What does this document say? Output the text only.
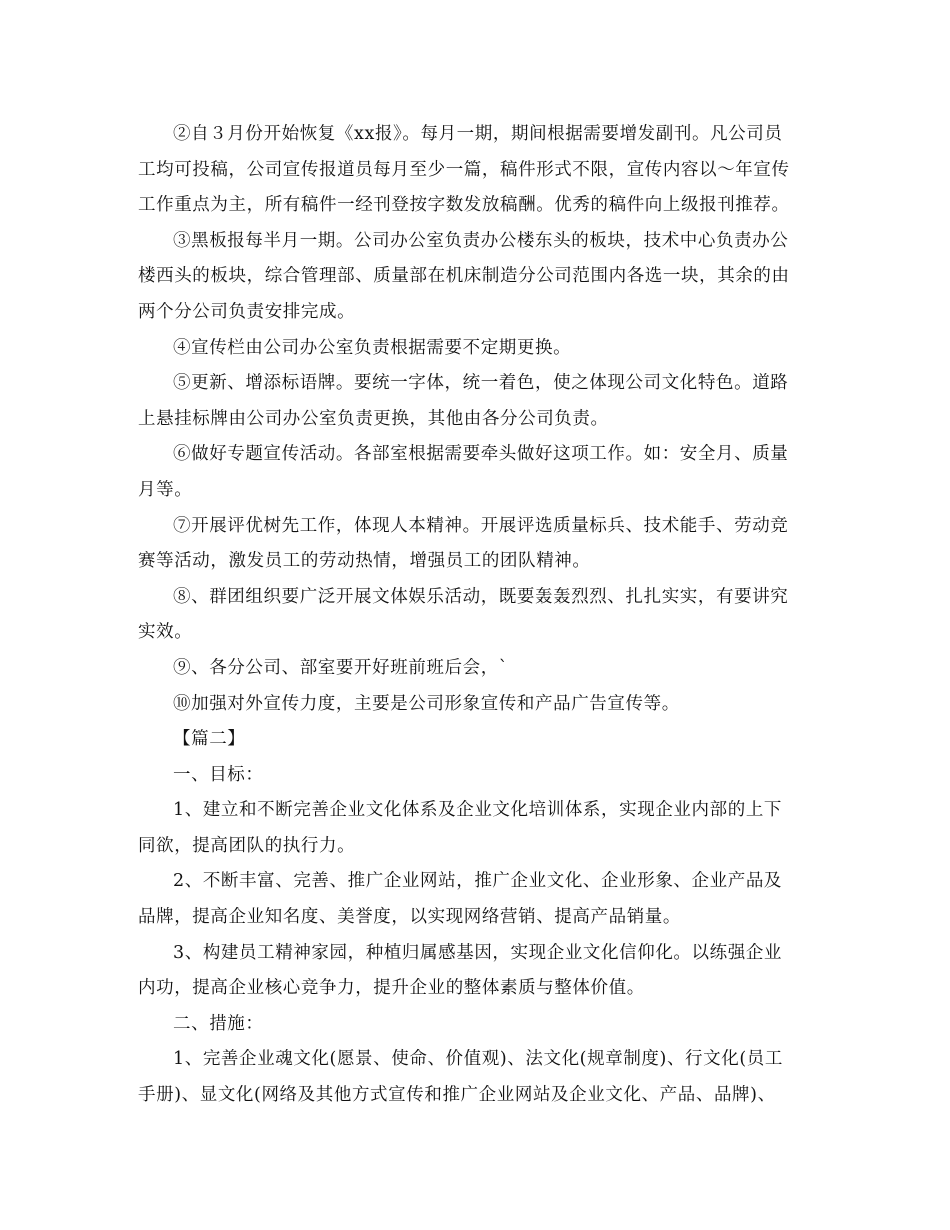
②自３月份开始恢复《xx报》。每月一期，期间根据需要增发副刊。凡公司员
工均可投稿，公司宣传报道员每月至少一篇，稿件形式不限，宣传内容以～年宣传
工作重点为主，所有稿件一经刊登按字数发放稿酬。优秀的稿件向上级报刊推荐。
③黑板报每半月一期。公司办公室负责办公楼东头的板块，技术中心负责办公
楼西头的板块，综合管理部、质量部在机床制造分公司范围内各选一块，其余的由
两个分公司负责安排完成。
④宣传栏由公司办公室负责根据需要不定期更换。
⑤更新、增添标语牌。要统一字体，统一着色，使之体现公司文化特色。道路
上悬挂标牌由公司办公室负责更换，其他由各分公司负责。
⑥做好专题宣传活动。各部室根据需要牵头做好这项工作。如：安全月、质量
月等。
⑦开展评优树先工作，体现人本精神。开展评选质量标兵、技术能手、劳动竞
赛等活动，激发员工的劳动热情，增强员工的团队精神。
⑧、群团组织要广泛开展文体娱乐活动，既要轰轰烈烈、扎扎实实，有要讲究
实效。
⑨、各分公司、部室要开好班前班后会，`
⑩加强对外宣传力度，主要是公司形象宣传和产品广告宣传等。
【篇二】
一、目标：
1、建立和不断完善企业文化体系及企业文化培训体系，实现企业内部的上下
同欲，提高团队的执行力。
2、不断丰富、完善、推广企业网站，推广企业文化、企业形象、企业产品及
品牌，提高企业知名度、美誉度，以实现网络营销、提高产品销量。
3、构建员工精神家园，种植归属感基因，实现企业文化信仰化。以练强企业
内功，提高企业核心竞争力，提升企业的整体素质与整体价值。
二、措施：
1、完善企业魂文化(愿景、使命、价值观)、法文化(规章制度)、行文化(员工
手册)、显文化(网络及其他方式宣传和推广企业网站及企业文化、产品、品牌)、
